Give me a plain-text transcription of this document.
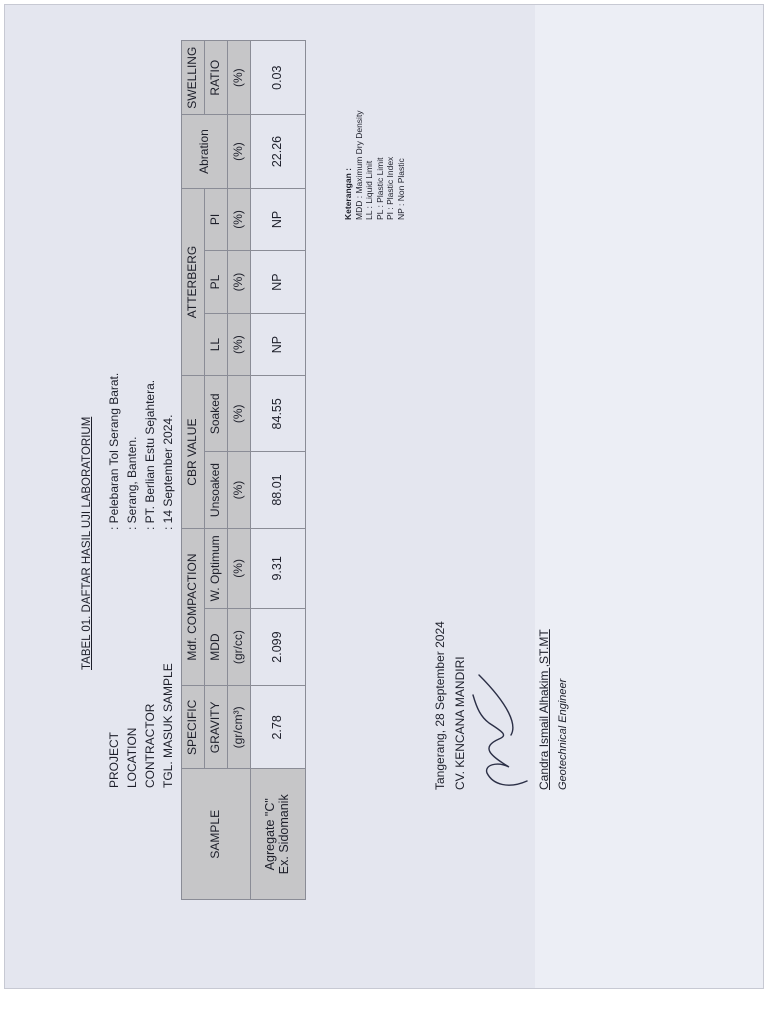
TABEL 01. DAFTAR HASIL UJI LABORATORIUM
PROJECT
: Pelebaran Tol Serang Barat.
LOCATION
: Serang, Banten.
CONTRACTOR
: PT. Berlian Estu Sejahtera.
TGL. MASUK SAMPLE
: 14 September 2024.
SAMPLE	SPECIFIC	Mdf. COMPACTION		CBR VALUE		ATTERBERG			Abration	SWELLING
	GRAVITY	MDD	W. Optimum	Unsoaked	Soaked	LL	PL	PI		RATIO
	(gr/cm³)	(gr/cc)	(%)	(%)	(%)	(%)	(%)	(%)	(%)	(%)

Agregate "C" Ex. Sidomanik	2.78	2.099	9.31	88.01	84.55	NP	NP	NP	22.26	0.03
Tangerang, 28 September 2024 CV. KENCANA MANDIRI	Candra Ismail Alhakim ,ST.MT Geotechnical Engineer
Keterangan : MDD : Maximum Dry Density LL : Liquid Limit PL : Plastic Limit PI : Plastic Index NP : Non Plastic
